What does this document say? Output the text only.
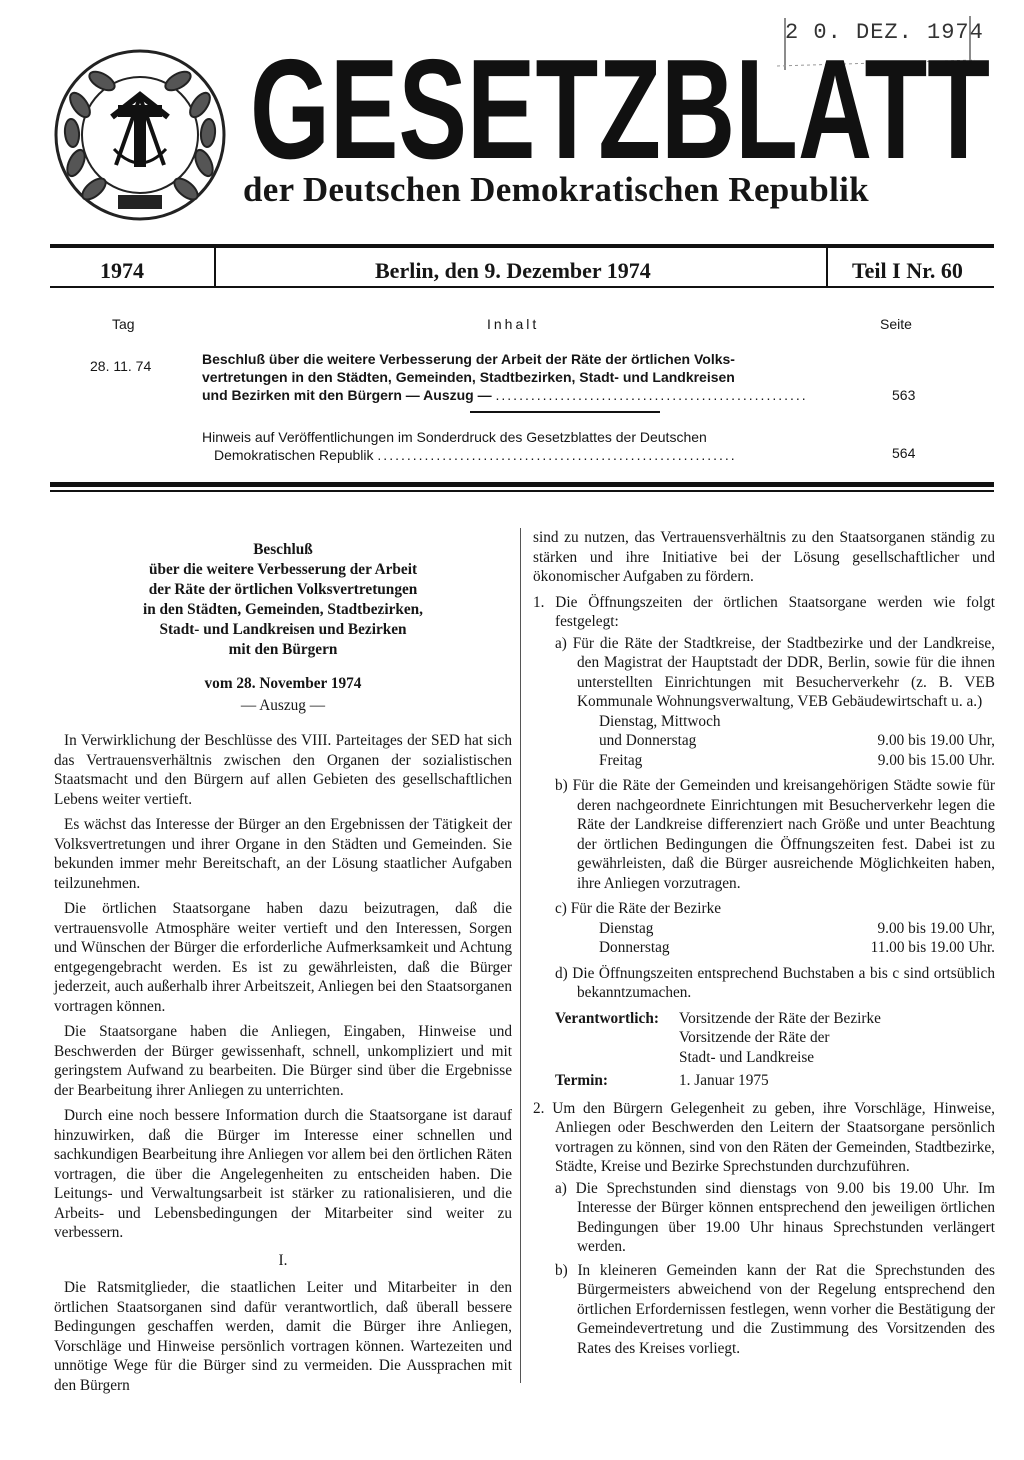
2 0. DEZ. 1974
563
GESETZBLATT
der Deutschen Demokratischen Republik
1974	Berlin, den 9. Dezember 1974	Teil I Nr. 60
Tag	Inhalt	Seite
28. 11. 74	Beschluß über die weitere Verbesserung der Arbeit der Räte der örtlichen Volks-
vertretungen in den Städten, Gemeinden, Stadtbezirken, Stadt- und Landkreisen
und Bezirken mit den Bürgern — Auszug — .....................................................	563
Hinweis auf Veröffentlichungen im Sonderdruck des Gesetzblattes der Deutschen
Demokratischen Republik .............................................................	564
Beschluß
über die weitere Verbesserung der Arbeit
der Räte der örtlichen Volksvertretungen
in den Städten, Gemeinden, Stadtbezirken,
Stadt- und Landkreisen und Bezirken
mit den Bürgern
vom 28. November 1974
— Auszug —

In Verwirklichung der Beschlüsse des VIII. Parteitages der SED hat sich das Vertrauensverhältnis zwischen den Organen der sozialistischen Staatsmacht und den Bürgern auf allen Gebieten des gesellschaftlichen Lebens weiter vertieft.

Es wächst das Interesse der Bürger an den Ergebnissen der Tätigkeit der Volksvertretungen und ihrer Organe in den Städten und Gemeinden. Sie bekunden immer mehr Bereitschaft, an der Lösung staatlicher Aufgaben teilzunehmen.

Die örtlichen Staatsorgane haben dazu beizutragen, daß die vertrauensvolle Atmosphäre weiter vertieft und den Interessen, Sorgen und Wünschen der Bürger die erforderliche Aufmerksamkeit und Achtung entgegengebracht werden. Es ist zu gewährleisten, daß die Bürger jederzeit, auch außerhalb ihrer Arbeitszeit, Anliegen bei den Staatsorganen vortragen können.

Die Staatsorgane haben die Anliegen, Eingaben, Hinweise und Beschwerden der Bürger gewissenhaft, schnell, unkompliziert und mit geringstem Aufwand zu bearbeiten. Die Bürger sind über die Ergebnisse der Bearbeitung ihrer Anliegen zu unterrichten.

Durch eine noch bessere Information durch die Staatsorgane ist darauf hinzuwirken, daß die Bürger im Interesse einer schnellen und sachkundigen Bearbeitung ihre Anliegen vor allem bei den örtlichen Räten vortragen, die über die Angelegenheiten zu entscheiden haben. Die Leitungs- und Verwaltungsarbeit ist stärker zu rationalisieren, und die Arbeits- und Lebensbedingungen der Mitarbeiter sind weiter zu verbessern.

I.

Die Ratsmitglieder, die staatlichen Leiter und Mitarbeiter in den örtlichen Staatsorganen sind dafür verantwortlich, daß überall bessere Bedingungen geschaffen werden, damit die Bürger ihre Anliegen, Vorschläge und Hinweise persönlich vortragen können. Wartezeiten und unnötige Wege für die Bürger sind zu vermeiden. Die Aussprachen mit den Bürgern

sind zu nutzen, das Vertrauensverhältnis zu den Staatsorganen ständig zu stärken und ihre Initiative bei der Lösung gesellschaftlicher und ökonomischer Aufgaben zu fördern.

1. Die Öffnungszeiten der örtlichen Staatsorgane werden wie folgt festgelegt:

a) Für die Räte der Stadtkreise, der Stadtbezirke und der Landkreise, den Magistrat der Hauptstadt der DDR, Berlin, sowie für die ihnen unterstellten Einrichtungen mit Besucherverkehr (z. B. VEB Kommunale Wohnungsverwaltung, VEB Gebäudewirtschaft u. a.)

Dienstag, Mittwoch
und Donnerstag	9.00 bis 19.00 Uhr,
Freitag	9.00 bis 15.00 Uhr.

b) Für die Räte der Gemeinden und kreisangehörigen Städte sowie für deren nachgeordnete Einrichtungen mit Besucherverkehr legen die Räte der Landkreise differenziert nach Größe und unter Beachtung der örtlichen Bedingungen die Öffnungszeiten fest. Dabei ist zu gewährleisten, daß die Bürger ausreichende Möglichkeiten haben, ihre Anliegen vorzutragen.

c) Für die Räte der Bezirke

Dienstag	9.00 bis 19.00 Uhr,
Donnerstag	11.00 bis 19.00 Uhr.

d) Die Öffnungszeiten entsprechend Buchstaben a bis c sind ortsüblich bekanntzumachen.

Verantwortlich: Vorsitzende der Räte der Bezirke
Vorsitzende der Räte der
Stadt- und Landkreise
Termin:	1. Januar 1975

2. Um den Bürgern Gelegenheit zu geben, ihre Vorschläge, Hinweise, Anliegen oder Beschwerden den Leitern der Staatsorgane persönlich vortragen zu können, sind von den Räten der Gemeinden, Stadtbezirke, Städte, Kreise und Bezirke Sprechstunden durchzuführen.

a) Die Sprechstunden sind dienstags von 9.00 bis 19.00 Uhr. Im Interesse der Bürger können entsprechend den jeweiligen örtlichen Bedingungen über 19.00 Uhr hinaus Sprechstunden verlängert werden.

b) In kleineren Gemeinden kann der Rat die Sprechstunden des Bürgermeisters abweichend von der Regelung entsprechend den örtlichen Erfordernissen festlegen, wenn vorher die Bestätigung der Gemeindevertretung und die Zustimmung des Vorsitzenden des Rates des Kreises vorliegt.
